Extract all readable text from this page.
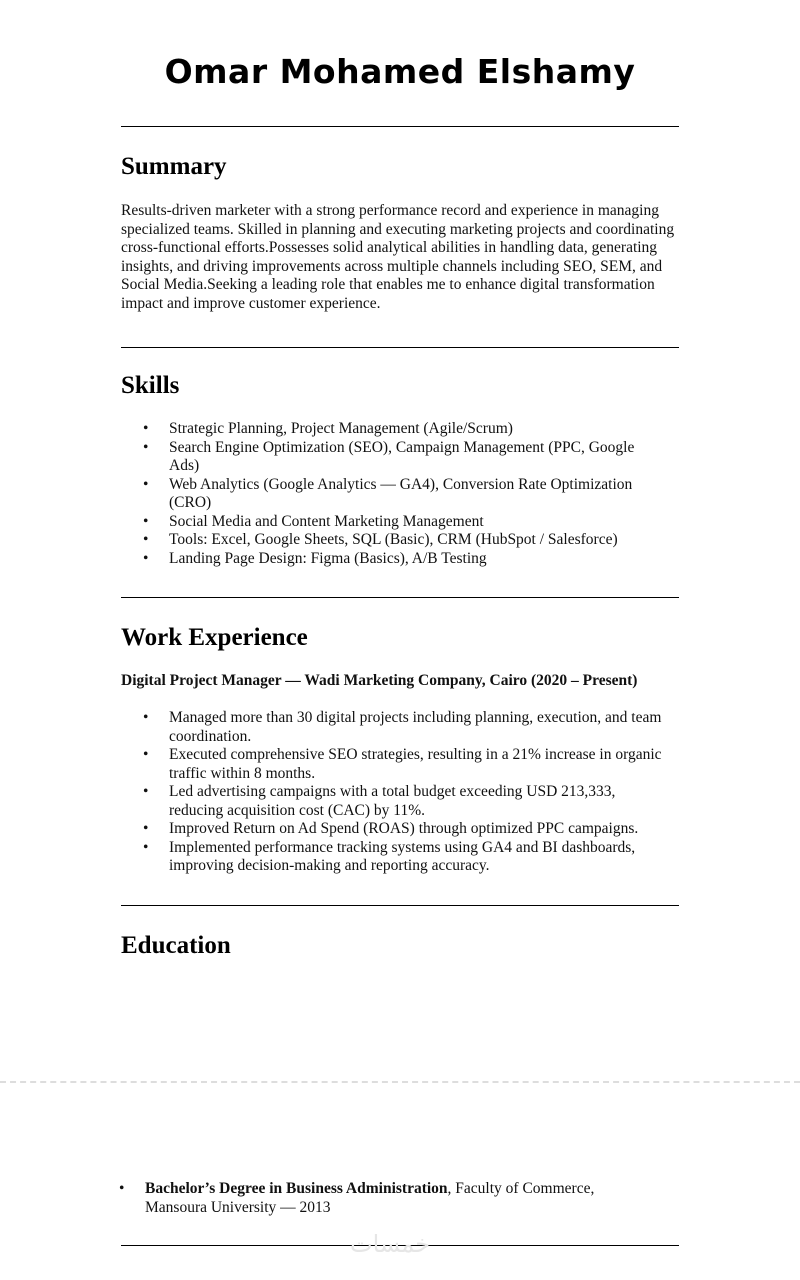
Omar Mohamed Elshamy
Summary
Results-driven marketer with a strong performance record and experience in managing specialized teams. Skilled in planning and executing marketing projects and coordinating cross-functional efforts.Possesses solid analytical abilities in handling data, generating insights, and driving improvements across multiple channels including SEO, SEM, and Social Media.Seeking a leading role that enables me to enhance digital transformation impact and improve customer experience.
Skills
• Strategic Planning, Project Management (Agile/Scrum)
• Search Engine Optimization (SEO), Campaign Management (PPC, Google Ads)
• Web Analytics (Google Analytics — GA4), Conversion Rate Optimization (CRO)
• Social Media and Content Marketing Management
• Tools: Excel, Google Sheets, SQL (Basic), CRM (HubSpot / Salesforce)
• Landing Page Design: Figma (Basics), A/B Testing
Work Experience
Digital Project Manager — Wadi Marketing Company, Cairo (2020 – Present)
• Managed more than 30 digital projects including planning, execution, and team coordination.
• Executed comprehensive SEO strategies, resulting in a 21% increase in organic traffic within 8 months.
• Led advertising campaigns with a total budget exceeding USD 213,333, reducing acquisition cost (CAC) by 11%.
• Improved Return on Ad Spend (ROAS) through optimized PPC campaigns.
• Implemented performance tracking systems using GA4 and BI dashboards, improving decision-making and reporting accuracy.
Education
• Bachelor’s Degree in Business Administration, Faculty of Commerce, Mansoura University — 2013
خمسات
